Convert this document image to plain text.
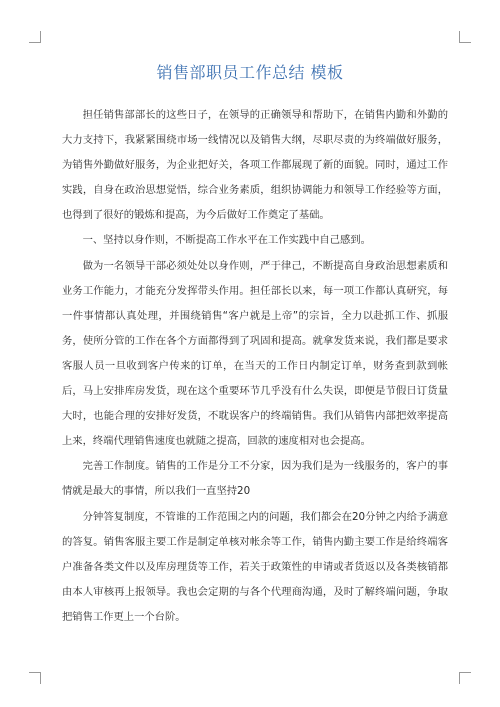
销售部职员工作总结 模板

担任销售部部长的这些日子，在领导的正确领导和帮助下，在销售内勤和外勤的大力支持下，我紧紧围绕市场一线情况以及销售大纲，尽职尽责的为终端做好服务，为销售外勤做好服务，为企业把好关，各项工作都展现了新的面貌。同时，通过工作实践，自身在政治思想觉悟，综合业务素质，组织协调能力和领导工作经验等方面，也得到了很好的锻炼和提高，为今后做好工作奠定了基础。

一、坚持以身作则，不断提高工作水平在工作实践中自己感到。

做为一名领导干部必须处处以身作则，严于律己，不断提高自身政治思想素质和业务工作能力，才能充分发挥带头作用。担任部长以来，每一项工作都认真研究，每一件事情都认真处理，并围绕销售“客户就是上帝”的宗旨，全力以赴抓工作、抓服务，使所分管的工作在各个方面都得到了巩固和提高。就拿发货来说，我们都是要求客服人员一旦收到客户传来的订单，在当天的工作日内制定订单，财务查到款到帐后，马上安排库房发货，现在这个重要环节几乎没有什么失误，即便是节假日订货量大时，也能合理的安排好发货，不耽误客户的终端销售。我们从销售内部把效率提高上来，终端代理销售速度也就随之提高，回款的速度相对也会提高。

完善工作制度。销售的工作是分工不分家，因为我们是为一线服务的，客户的事情就是最大的事情，所以我们一直坚持20

分钟答复制度，不管谁的工作范围之内的问题，我们都会在20分钟之内给予满意的答复。销售客服主要工作是制定单核对帐余等工作，销售内勤主要工作是给终端客户准备各类文件以及库房理货等工作，若关于政策性的申请或者货返以及各类核销都由本人审核再上报领导。我也会定期的与各个代理商沟通，及时了解终端问题，争取把销售工作更上一个台阶。
